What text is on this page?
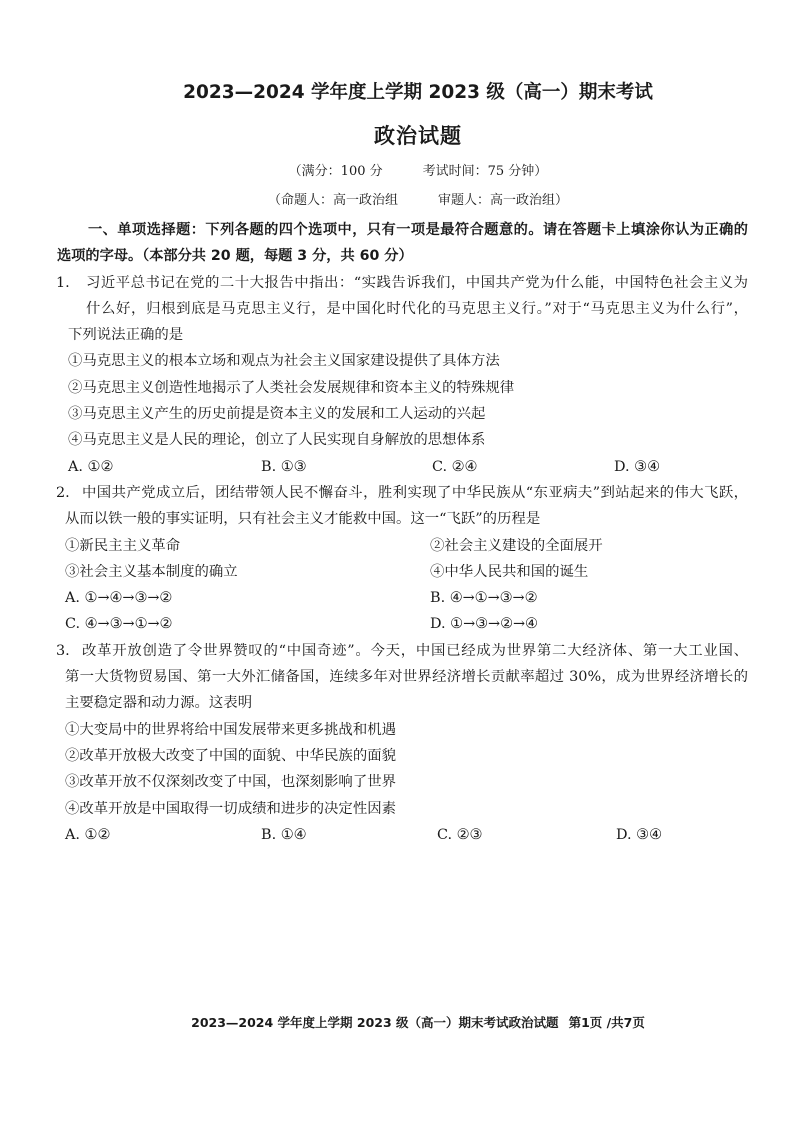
2023—2024 学年度上学期 2023 级（高一）期末考试
政治试题
（满分：100 分	考试时间：75 分钟）
（命题人：高一政治组	审题人：高一政治组）
一、单项选择题：下列各题的四个选项中，只有一项是最符合题意的。请在答题卡上填涂你认为正确的
选项的字母。（本部分共 20 题，每题 3 分，共 60 分）
1. 习近平总书记在党的二十大报告中指出：“实践告诉我们，中国共产党为什么能，中国特色社会主义为
什么好，归根到底是马克思主义行，是中国化时代化的马克思主义行。”对于“马克思主义为什么行”，
下列说法正确的是
①马克思主义的根本立场和观点为社会主义国家建设提供了具体方法
②马克思主义创造性地揭示了人类社会发展规律和资本主义的特殊规律
③马克思主义产生的历史前提是资本主义的发展和工人运动的兴起
④马克思主义是人民的理论，创立了人民实现自身解放的思想体系
A. ①②	B. ①③	C. ②④	D. ③④
2. 中国共产党成立后，团结带领人民不懈奋斗，胜利实现了中华民族从“东亚病夫”到站起来的伟大飞跃，
从而以铁一般的事实证明，只有社会主义才能救中国。这一“飞跃”的历程是
①新民主主义革命	②社会主义建设的全面展开
③社会主义基本制度的确立	④中华人民共和国的诞生
A. ①→④→③→②	B. ④→①→③→②
C. ④→③→①→②	D. ①→③→②→④
3. 改革开放创造了令世界赞叹的“中国奇迹”。今天，中国已经成为世界第二大经济体、第一大工业国、
第一大货物贸易国、第一大外汇储备国，连续多年对世界经济增长贡献率超过 30%，成为世界经济增长的
主要稳定器和动力源。这表明
①大变局中的世界将给中国发展带来更多挑战和机遇
②改革开放极大改变了中国的面貌、中华民族的面貌
③改革开放不仅深刻改变了中国，也深刻影响了世界
④改革开放是中国取得一切成绩和进步的决定性因素
A. ①②	B. ①④	C. ②③	D. ③④
2023—2024 学年度上学期 2023 级（高一）期末考试政治试题 第1页 /共7页
